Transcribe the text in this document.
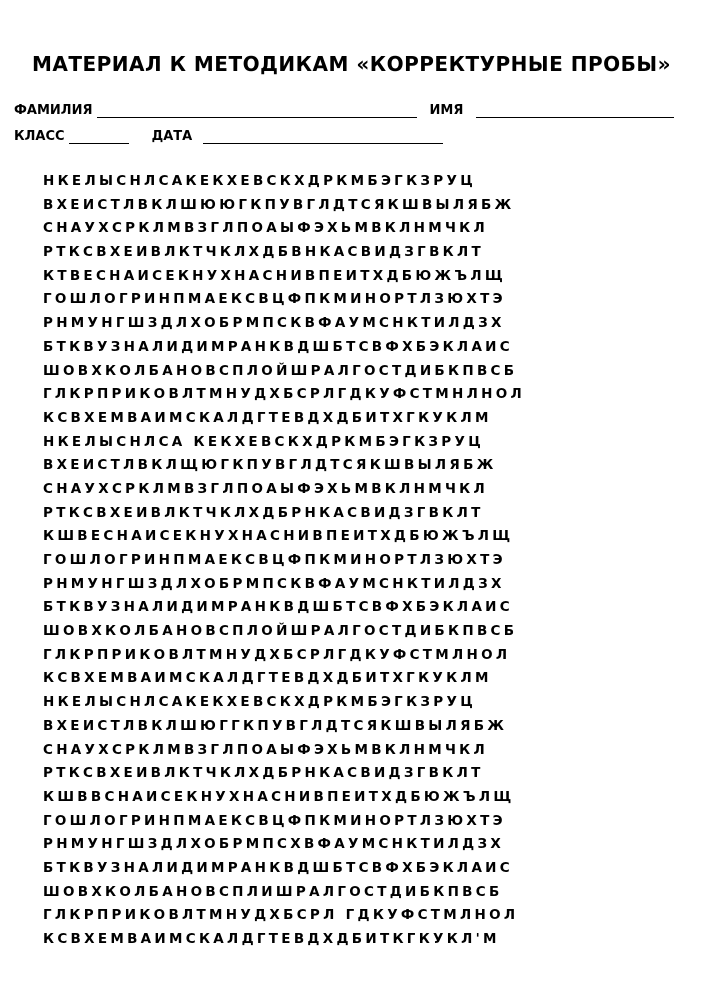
МАТЕРИАЛ К МЕТОДИКАМ «КОРРЕКТУРНЫЕ ПРОБЫ»
ФАМИЛИЯ	ИМЯ
КЛАСС	ДАТА
НКЕЛЫСНЛСАКЕКХЕВСКХДРКМБЭГКЗРУЦ
ВХЕИСТЛВКЛШЮЮГКПУВГЛДТСЯКШВЫЛЯБЖ
СНАУХСРКЛМВЗГЛПОАЫФЭХЬМВКЛНМЧКЛ
РТКСВХЕИВЛКТЧКЛХДБВНКАСВИДЗГВКЛТ
КТВЕСНАИСЕКНУХНАСНИВПЕИТХДБЮЖЪЛЩ
ГОШЛОГРИНПМАЕКСВЦФПКМИНОРТЛЗЮХТЭ
РНМУНГШЗДЛХОБРМПСКВФАУМСНКТИЛДЗХ
БТКВУЗНАЛИДИМРАНКВДШБТСВФХБЭКЛАИС
ШОВХКОЛБАНОВСПЛОЙШРАЛГОСТДИБКПВСБ
ГЛКРПРИКОВЛТМНУДХБСРЛГДКУФСТМНЛНОЛ
КСВХЕМВАИМСКАЛДГТЕВДХДБИТХГКУКЛМ
НКЕЛЫСНЛСА КЕКХЕВСКХДРКМБЭГКЗРУЦ
ВХЕИСТЛВКЛЩЮГКПУВГЛДТСЯКШВЫЛЯБЖ
СНАУХСРКЛМВЗГЛПОАЫФЭХЬМВКЛНМЧКЛ
РТКСВХЕИВЛКТЧКЛХДБРНКАСВИДЗГВКЛТ
КШВЕСНАИСЕКНУХНАСНИВПЕИТХДБЮЖЪЛЩ
ГОШЛОГРИНПМАЕКСВЦФПКМИНОРТЛЗЮХТЭ
РНМУНГШЗДЛХОБРМПСКВФАУМСНКТИЛДЗХ
БТКВУЗНАЛИДИМРАНКВДШБТСВФХБЭКЛАИС
ШОВХКОЛБАНОВСПЛОЙШРАЛГОСТДИБКПВСБ
ГЛКРПРИКОВЛТМНУДХБСРЛГДКУФСТМЛНОЛ
КСВХЕМВАИМСКАЛДГТЕВДХДБИТХГКУКЛМ
НКЕЛЫСНЛСАКЕКХЕВСКХДРКМБЭГКЗРУЦ
ВХЕИСТЛВКЛШЮГГКПУВГЛДТСЯКШВЫЛЯБЖ
СНАУХСРКЛМВЗГЛПОАЫФЭХЬМВКЛНМЧКЛ
РТКСВХЕИВЛКТЧКЛХДБРНКАСВИДЗГВКЛТ
КШВВСНАИСЕКНУХНАСНИВПЕИТХДБЮЖЪЛЩ
ГОШЛОГРИНПМАЕКСВЦФПКМИНОРТЛЗЮХТЭ
РНМУНГШЗДЛХОБРМПСХВФАУМСНКТИЛДЗХ
БТКВУЗНАЛИДИМРАНКВДШБТСВФХБЭКЛАИС
ШОВХКОЛБАНОВСПЛИШРАЛГОСТДИБКПВСБ
ГЛКРПРИКОВЛТМНУДХБСРЛ ГДКУФСТМЛНОЛ
КСВХЕМВАИМСКАЛДГТЕВДХДБИТКГКУКЛ'М
